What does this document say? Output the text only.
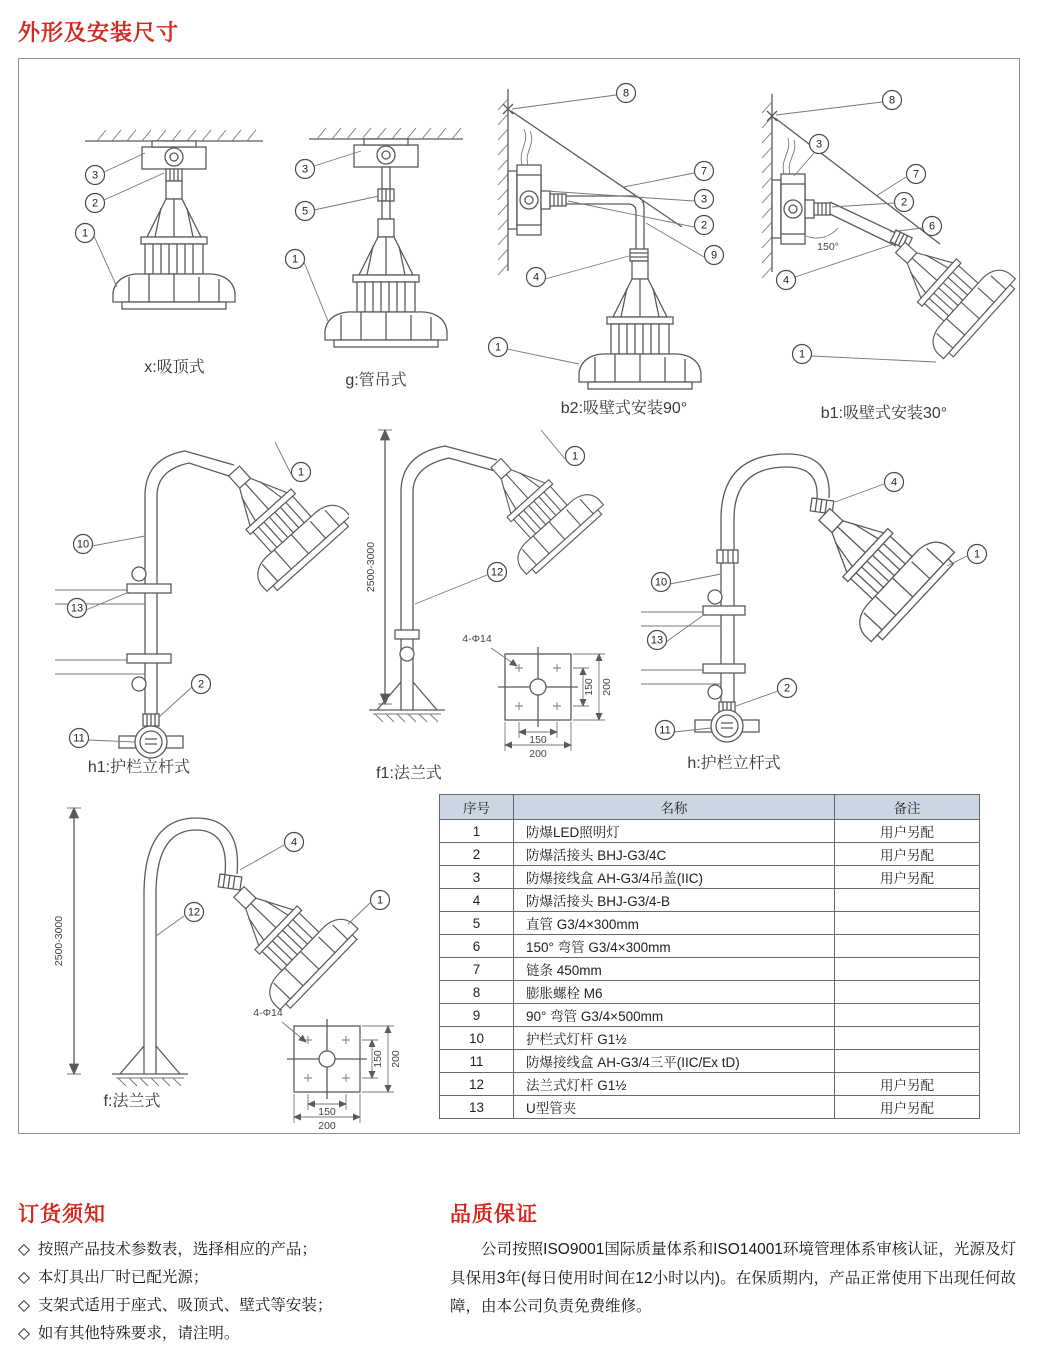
外形及安装尺寸
3
2
1
x:吸顶式
3
5
1
g:管吊式
8
7
3
2
9
4
1
b2:吸壁式安装90°
150°
8
3
7
2
6
4
1
b1:吸壁式安装30°
1
10
13
2
11
h1:护栏立杆式
2500-3000
150 200
150
200
4-Φ14
1
12
f1:法兰式
4
1
10
13
2
11
h:护栏立杆式
2500-3000
150 200
150
200
4-Φ14
4
12
1
f:法兰式
序号	名称	备注
1	防爆LED照明灯	用户另配
2	防爆活接头 BHJ-G3/4C	用户另配
3	防爆接线盒 AH-G3/4吊盖(IIC)	用户另配
4	防爆活接头 BHJ-G3/4-B	
5	直管 G3/4×300mm	
6	150° 弯管 G3/4×300mm	
7	链条 450mm	
8	膨胀螺栓 M6	
9	90° 弯管 G3/4×500mm	
10	护栏式灯杆 G1½	
11	防爆接线盒 AH-G3/4三平(IIC/Ex tD)	
12	法兰式灯杆 G1½	用户另配
13	U型管夹	用户另配
订货须知
◇ 按照产品技术参数表，选择相应的产品；
◇ 本灯具出厂时已配光源；
◇ 支架式适用于座式、吸顶式、壁式等安装；
◇ 如有其他特殊要求，请注明。
品质保证
公司按照ISO9001国际质量体系和ISO14001环境管理体系审核认证，光源及灯具保用3年(每日使用时间在12小时以内)。在保质期内，产品正常使用下出现任何故障，由本公司负责免费维修。
